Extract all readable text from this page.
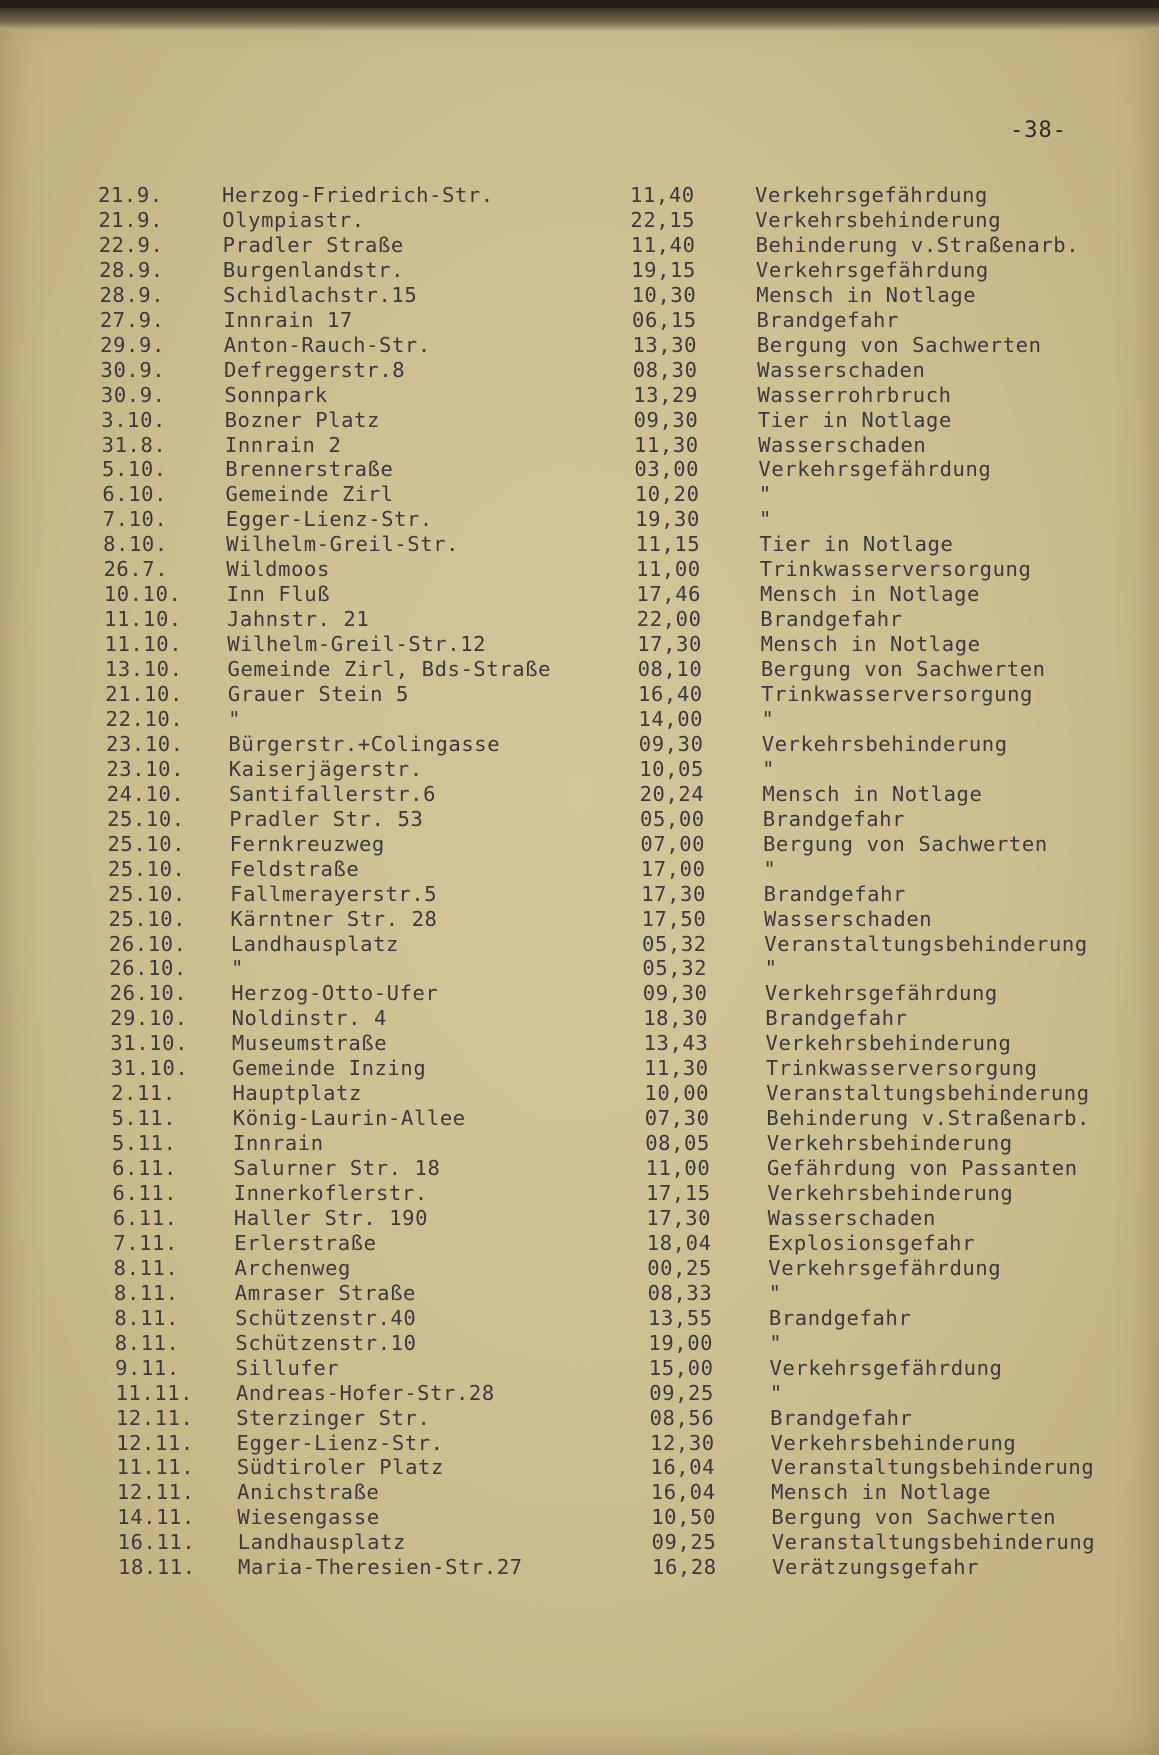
-38-
21.9.	Herzog-Friedrich-Str.	11,40	Verkehrsgefährdung
21.9.	Olympiastr.	22,15	Verkehrsbehinderung
22.9.	Pradler Straße	11,40	Behinderung v.Straßenarb.
28.9.	Burgenlandstr.	19,15	Verkehrsgefährdung
28.9.	Schidlachstr.15	10,30	Mensch in Notlage
27.9.	Innrain 17	06,15	Brandgefahr
29.9.	Anton-Rauch-Str.	13,30	Bergung von Sachwerten
30.9.	Defreggerstr.8	08,30	Wasserschaden
30.9.	Sonnpark	13,29	Wasserrohrbruch
3.10.	Bozner Platz	09,30	Tier in Notlage
31.8.	Innrain 2	11,30	Wasserschaden
5.10.	Brennerstraße	03,00	Verkehrsgefährdung
6.10.	Gemeinde Zirl	10,20	"
7.10.	Egger-Lienz-Str.	19,30	"
8.10.	Wilhelm-Greil-Str.	11,15	Tier in Notlage
26.7.	Wildmoos	11,00	Trinkwasserversorgung
10.10. Inn Fluß	17,46	Mensch in Notlage
11.10. Jahnstr. 21	22,00	Brandgefahr
11.10. Wilhelm-Greil-Str.12	17,30	Mensch in Notlage
13.10. Gemeinde Zirl, Bds-Straße	08,10	Bergung von Sachwerten
21.10. Grauer Stein 5	16,40	Trinkwasserversorgung
22.10. "	14,00	"
23.10. Bürgerstr.+Colingasse	09,30	Verkehrsbehinderung
23.10. Kaiserjägerstr.	10,05	"
24.10. Santifallerstr.6	20,24	Mensch in Notlage
25.10. Pradler Str. 53	05,00	Brandgefahr
25.10. Fernkreuzweg	07,00	Bergung von Sachwerten
25.10. Feldstraße	17,00	"
25.10. Fallmerayerstr.5	17,30	Brandgefahr
25.10. Kärntner Str. 28	17,50	Wasserschaden
26.10. Landhausplatz	05,32	Veranstaltungsbehinderung
26.10. "	05,32	"
26.10. Herzog-Otto-Ufer	09,30	Verkehrsgefährdung
29.10. Noldinstr. 4	18,30	Brandgefahr
31.10. Museumstraße	13,43	Verkehrsbehinderung
31.10. Gemeinde Inzing	11,30	Trinkwasserversorgung
2.11.	Hauptplatz	10,00	Veranstaltungsbehinderung
5.11.	König-Laurin-Allee	07,30	Behinderung v.Straßenarb.
5.11.	Innrain	08,05	Verkehrsbehinderung
6.11.	Salurner Str. 18	11,00	Gefährdung von Passanten
6.11.	Innerkoflerstr.	17,15	Verkehrsbehinderung
6.11.	Haller Str. 190	17,30	Wasserschaden
7.11.	Erlerstraße	18,04	Explosionsgefahr
8.11.	Archenweg	00,25	Verkehrsgefährdung
8.11.	Amraser Straße	08,33	"
8.11.	Schützenstr.40	13,55	Brandgefahr
8.11.	Schützenstr.10	19,00	"
9.11.	Sillufer	15,00	Verkehrsgefährdung
11.11. Andreas-Hofer-Str.28	09,25	"
12.11. Sterzinger Str.	08,56	Brandgefahr
12.11. Egger-Lienz-Str.	12,30	Verkehrsbehinderung
11.11. Südtiroler Platz	16,04	Veranstaltungsbehinderung
12.11. Anichstraße	16,04	Mensch in Notlage
14.11. Wiesengasse	10,50	Bergung von Sachwerten
16.11. Landhausplatz	09,25	Veranstaltungsbehinderung
18.11. Maria-Theresien-Str.27	16,28	Verätzungsgefahr
